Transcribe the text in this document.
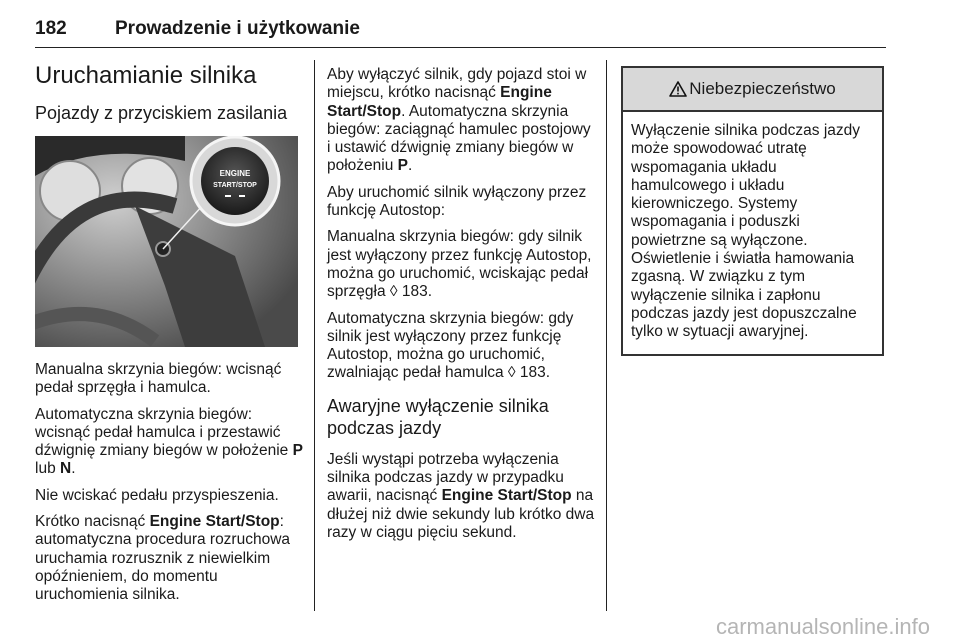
182	Prowadzenie i użytkowanie
Uruchamianie silnika
Pojazdy z przyciskiem zasilania
ENGINE
START/STOP

Manualna skrzynia biegów: wcisnąć pedał sprzęgła i hamulca.

Automatyczna skrzynia biegów: wcisnąć pedał hamulca i przestawić dźwignię zmiany biegów w położenie P lub N.

Nie wciskać pedału przyspieszenia.

Krótko nacisnąć Engine Start/Stop: automatyczna procedura rozruchowa uruchamia rozrusznik z niewielkim opóźnieniem, do momentu uruchomienia silnika.

Aby wyłączyć silnik, gdy pojazd stoi w miejscu, krótko nacisnąć Engine Start/Stop. Automatyczna skrzynia biegów: zaciągnąć hamulec postojowy i ustawić dźwignię zmiany biegów w położeniu P.

Aby uruchomić silnik wyłączony przez funkcję Autostop:

Manualna skrzynia biegów: gdy silnik jest wyłączony przez funkcję Autostop, można go uruchomić, wciskając pedał sprzęgła ◊ 183.

Automatyczna skrzynia biegów: gdy silnik jest wyłączony przez funkcję Autostop, można go uruchomić, zwalniając pedał hamulca ◊ 183.

Awaryjne wyłączenie silnika podczas jazdy

Jeśli wystąpi potrzeba wyłączenia silnika podczas jazdy w przypadku awarii, nacisnąć Engine Start/Stop na dłużej niż dwie sekundy lub krótko dwa razy w ciągu pięciu sekund.

Niebezpieczeństwo
Wyłączenie silnika podczas jazdy może spowodować utratę wspomagania układu hamulcowego i układu kierowniczego. Systemy wspomagania i poduszki powietrzne są wyłączone. Oświetlenie i światła hamowania zgasną. W związku z tym wyłączenie silnika i zapłonu podczas jazdy jest dopuszczalne tylko w sytuacji awaryjnej.
carmanualsonline.info
